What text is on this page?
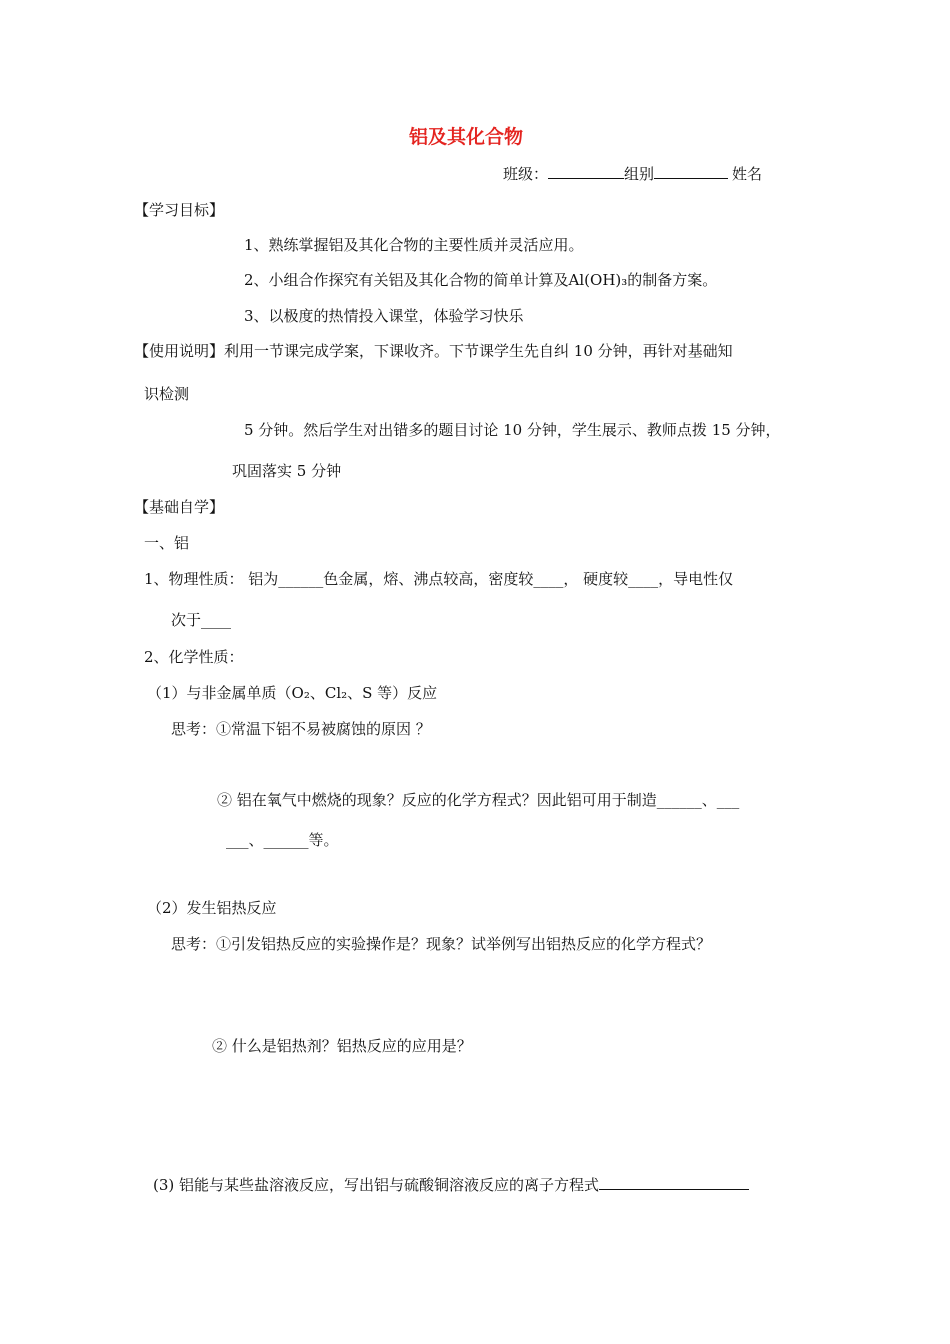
铝及其化合物
班级：	组别	姓名
【学习目标】
1、熟练掌握铝及其化合物的主要性质并灵活应用。
2、小组合作探究有关铝及其化合物的简单计算及Al(OH)₃的制备方案。
3、以极度的热情投入课堂，体验学习快乐
【使用说明】利用一节课完成学案，下课收齐。下节课学生先自纠 10 分钟，再针对基础知
识检测
5 分钟。然后学生对出错多的题目讨论 10 分钟，学生展示、教师点拨 15 分钟，
巩固落实 5 分钟
【基础自学】
一、铝
1、物理性质： 铝为______色金属，熔、沸点较高，密度较____， 硬度较____，导电性仅
次于____
2、化学性质：
（1）与非金属单质（O₂、Cl₂、S 等）反应
思考：①常温下铝不易被腐蚀的原因 ？
② 铝在氧气中燃烧的现象？反应的化学方程式？因此铝可用于制造______、___
___、______等。
（2）发生铝热反应
思考：①引发铝热反应的实验操作是？现象？试举例写出铝热反应的化学方程式？
② 什么是铝热剂？铝热反应的应用是？
(3) 铝能与某些盐溶液反应，写出铝与硫酸铜溶液反应的离子方程式
